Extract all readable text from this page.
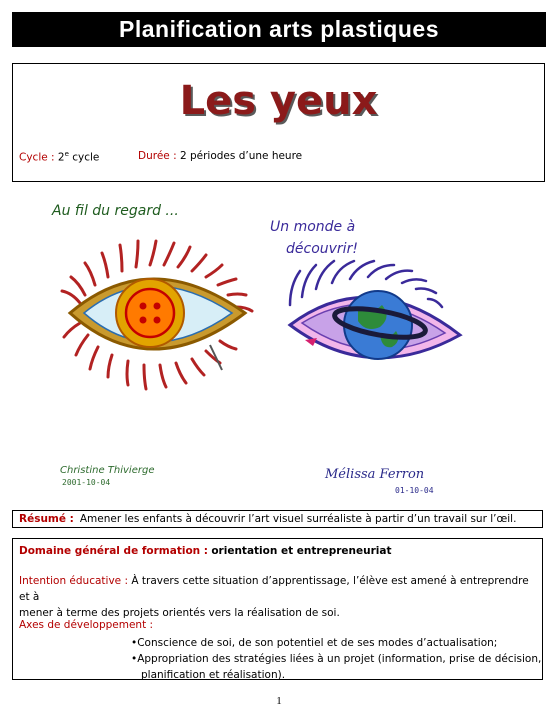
Planification arts plastiques
Les yeux
Cycle : 2e cycle	Durée : 2 périodes d’une heure
Au fil du regard ...
Un monde à
découvrir!
Christine Thivierge
2001-10-04
Mélissa Ferron
01-10-04
Résumé : Amener les enfants à découvrir l’art visuel surréaliste à partir d’un travail sur l’œil.
Domaine général de formation : orientation et entrepreneuriat
Intention éducative : À travers cette situation d’apprentissage, l’élève est amené à entreprendre et à
mener à terme des projets orientés vers la réalisation de soi.
Axes de développement :
•Conscience de soi, de son potentiel et de ses modes d’actualisation;
•Appropriation des stratégies liées à un projet (information, prise de décision,
planification et réalisation).
1
